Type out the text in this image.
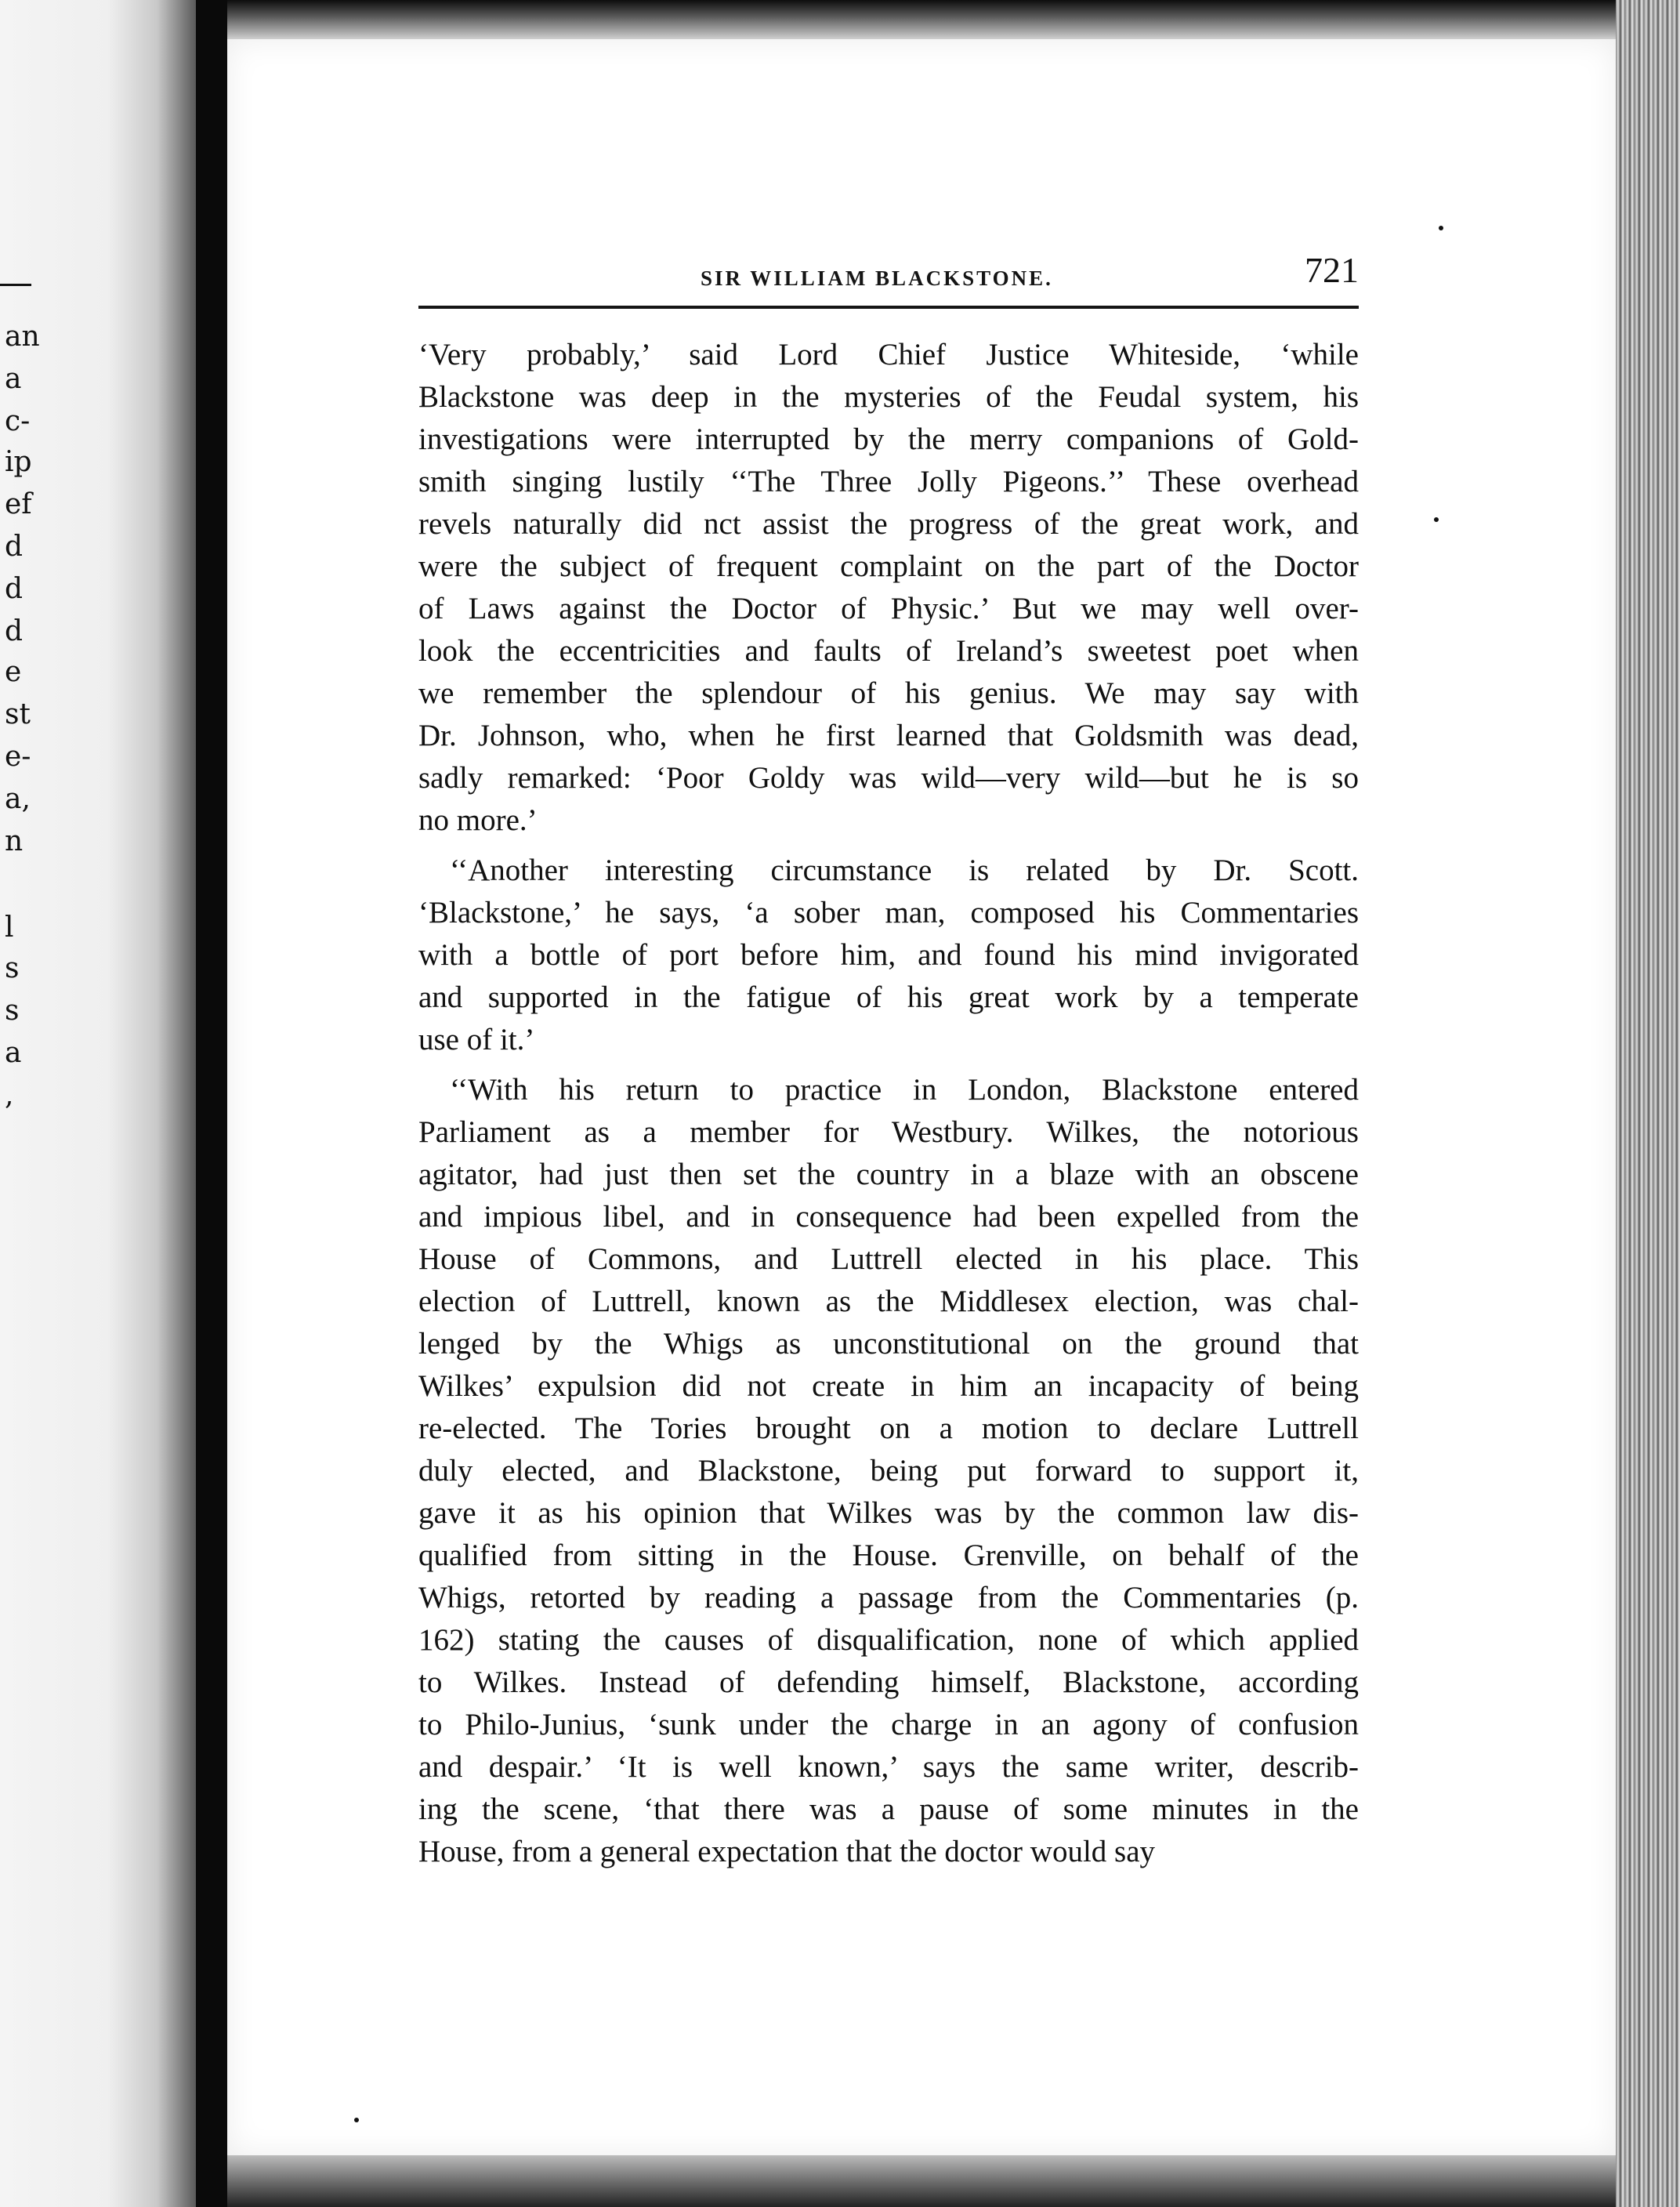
an
a
c-
ip
ef
d
d
d
e
st
e-
a,
n
l
s
s
a
,
SIR WILLIAM BLACKSTONE.	721
‘Very probably,’ said Lord Chief Justice Whiteside, ‘while
Blackstone was deep in the mysteries of the Feudal system, his
investigations were interrupted by the merry companions of Gold-
smith singing lustily ‘‘The Three Jolly Pigeons.’’ These overhead
revels naturally did nct assist the progress of the great work, and
were the subject of frequent complaint on the part of the Doctor
of Laws against the Doctor of Physic.’ But we may well over-
look the eccentricities and faults of Ireland’s sweetest poet when
we remember the splendour of his genius. We may say with
Dr. Johnson, who, when he first learned that Goldsmith was dead,
sadly remarked: ‘Poor Goldy was wild—very wild—but he is so
no more.’
‘‘Another interesting circumstance is related by Dr. Scott.
‘Blackstone,’ he says, ‘a sober man, composed his Commentaries
with a bottle of port before him, and found his mind invigorated
and supported in the fatigue of his great work by a temperate
use of it.’
‘‘With his return to practice in London, Blackstone entered
Parliament as a member for Westbury. Wilkes, the notorious
agitator, had just then set the country in a blaze with an obscene
and impious libel, and in consequence had been expelled from the
House of Commons, and Luttrell elected in his place. This
election of Luttrell, known as the Middlesex election, was chal-
lenged by the Whigs as unconstitutional on the ground that
Wilkes’ expulsion did not create in him an incapacity of being
re-elected. The Tories brought on a motion to declare Luttrell
duly elected, and Blackstone, being put forward to support it,
gave it as his opinion that Wilkes was by the common law dis-
qualified from sitting in the House. Grenville, on behalf of the
Whigs, retorted by reading a passage from the Commentaries (p.
162) stating the causes of disqualification, none of which applied
to Wilkes. Instead of defending himself, Blackstone, according
to Philo-Junius, ‘sunk under the charge in an agony of confusion
and despair.’ ‘It is well known,’ says the same writer, describ-
ing the scene, ‘that there was a pause of some minutes in the
House, from a general expectation that the doctor would say
